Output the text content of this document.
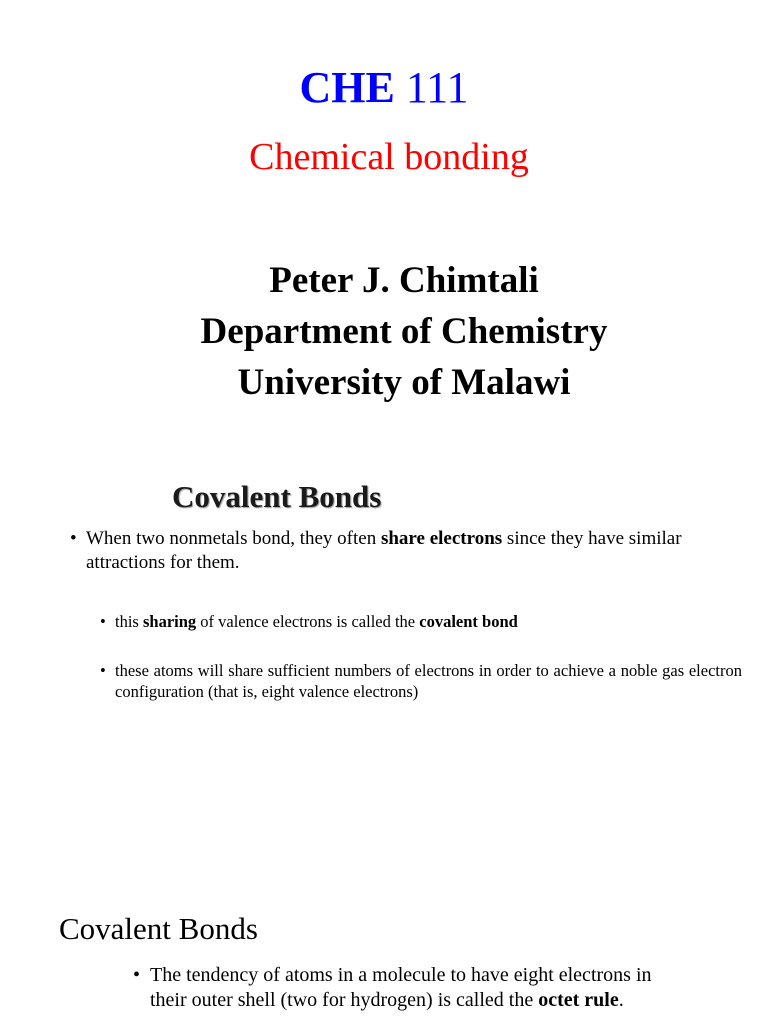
CHE 111
Chemical bonding
Peter J. Chimtali
Department of Chemistry
University of Malawi
Covalent Bonds
• When two nonmetals bond, they often share electrons since they have similar attractions for them.
• this sharing of valence electrons is called the covalent bond
• these atoms will share sufficient numbers of electrons in order to achieve a noble gas electron configuration (that is, eight valence electrons)
Covalent Bonds
• The tendency of atoms in a molecule to have eight electrons in their outer shell (two for hydrogen) is called the octet rule.
